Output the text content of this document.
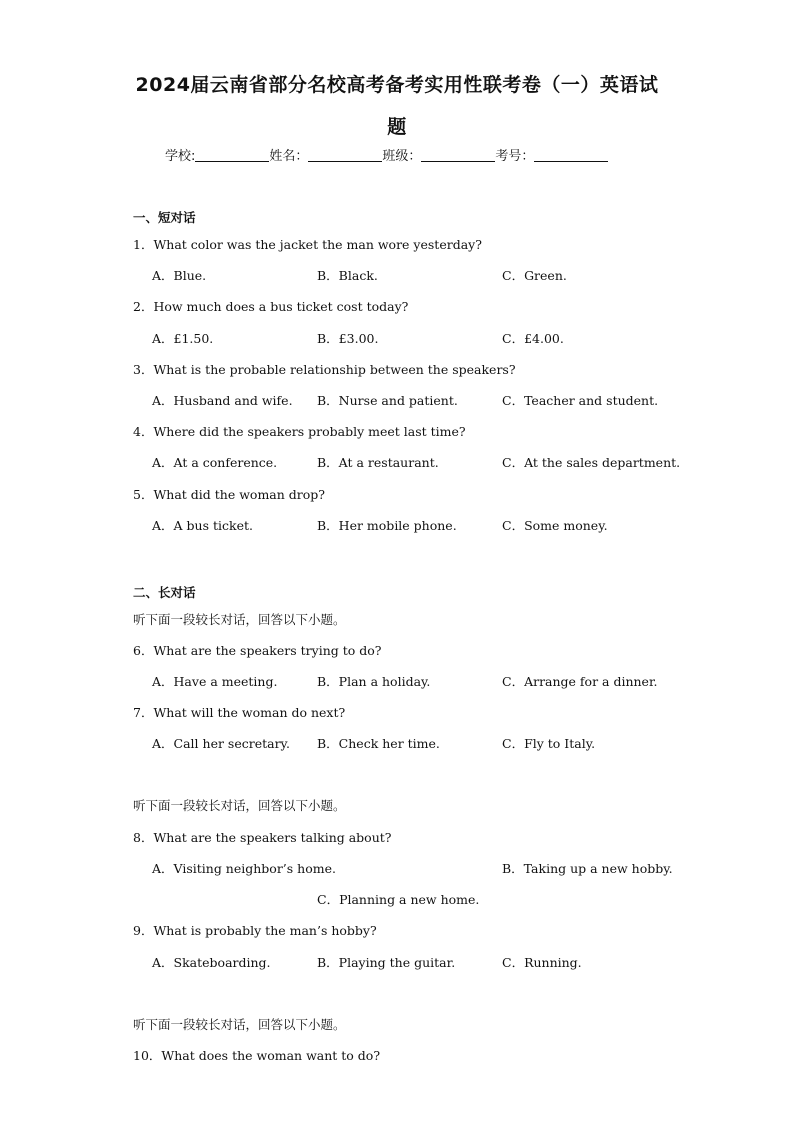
2024届云南省部分名校高考备考实用性联考卷（一）英语试
题
学校:	姓名：	班级：	考号：
一、短对话
1．What color was the jacket the man wore yesterday?
A．Blue.	B．Black.	C．Green.
2．How much does a bus ticket cost today?
A．£1.50.	B．£3.00.	C．£4.00.
3．What is the probable relationship between the speakers?
A．Husband and wife. B．Nurse and patient.	C．Teacher and student.
4．Where did the speakers probably meet last time?
A．At a conference.	B．At a restaurant.	C．At the sales department.
5．What did the woman drop?
A．A bus ticket.	B．Her mobile phone.	C．Some money.
二、长对话
听下面一段较长对话，回答以下小题。
6．What are the speakers trying to do?
A．Have a meeting.	B．Plan a holiday.	C．Arrange for a dinner.
7．What will the woman do next?
A．Call her secretary. B．Check her time.	C．Fly to Italy.
听下面一段较长对话，回答以下小题。
8．What are the speakers talking about?
A．Visiting neighbor’s home.	B．Taking up a new hobby.
C．Planning a new home.
9．What is probably the man’s hobby?
A．Skateboarding.	B．Playing the guitar.	C．Running.
听下面一段较长对话，回答以下小题。
10．What does the woman want to do?
